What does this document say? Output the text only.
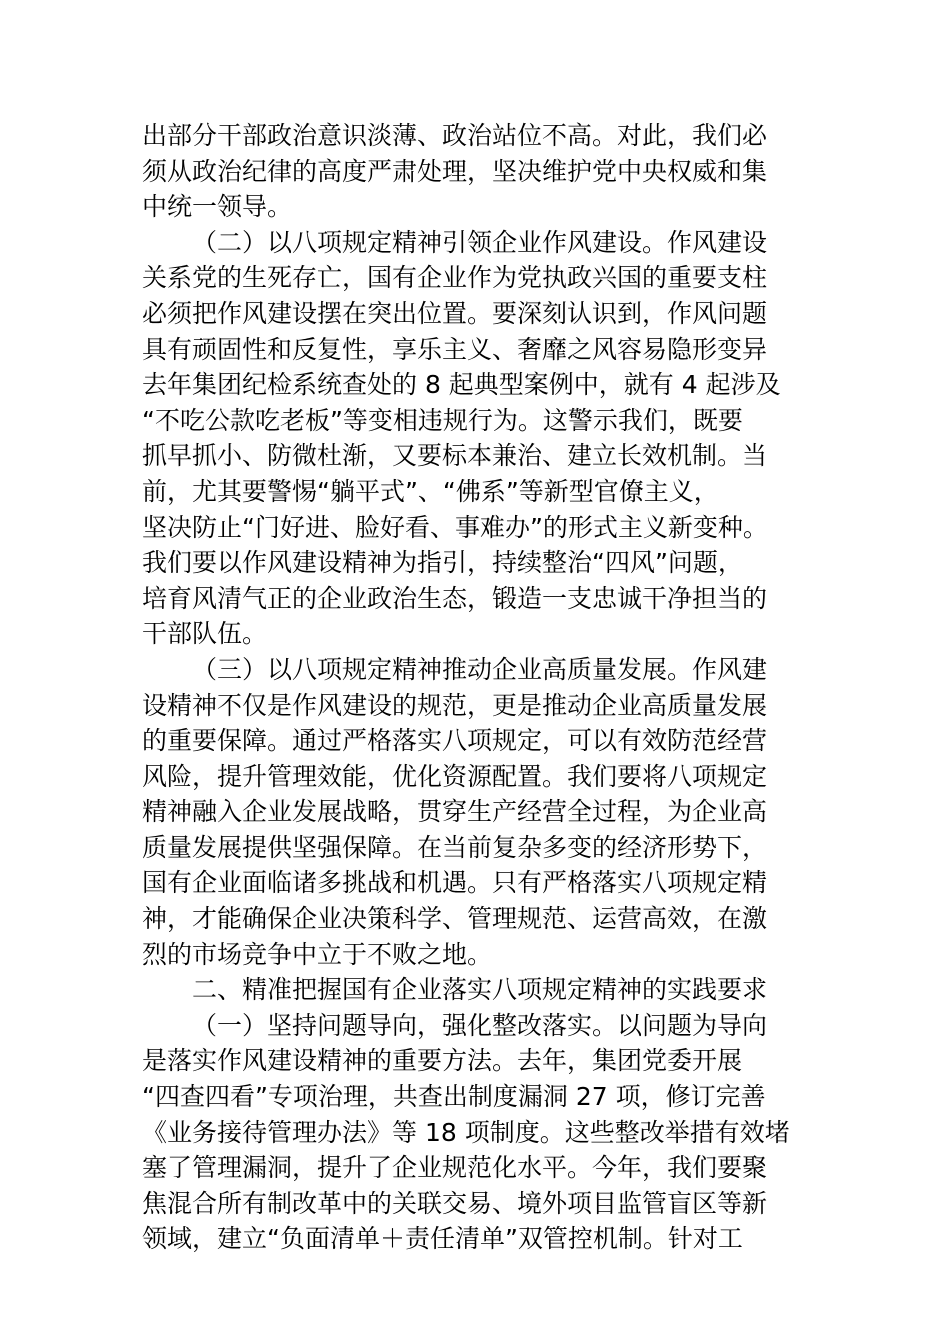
出部分干部政治意识淡薄、政治站位不高。对此，我们必
须从政治纪律的高度严肃处理，坚决维护党中央权威和集
中统一领导。
（二）以八项规定精神引领企业作风建设。作风建设
关系党的生死存亡，国有企业作为党执政兴国的重要支柱
必须把作风建设摆在突出位置。要深刻认识到，作风问题
具有顽固性和反复性，享乐主义、奢靡之风容易隐形变异
去年集团纪检系统查处的 8 起典型案例中，就有 4 起涉及
“不吃公款吃老板”等变相违规行为。这警示我们，既要
抓早抓小、防微杜渐，又要标本兼治、建立长效机制。当
前，尤其要警惕“躺平式”、“佛系”等新型官僚主义，
坚决防止“门好进、脸好看、事难办”的形式主义新变种。
我们要以作风建设精神为指引，持续整治“四风”问题，
培育风清气正的企业政治生态，锻造一支忠诚干净担当的
干部队伍。
（三）以八项规定精神推动企业高质量发展。作风建
设精神不仅是作风建设的规范，更是推动企业高质量发展
的重要保障。通过严格落实八项规定，可以有效防范经营
风险，提升管理效能，优化资源配置。我们要将八项规定
精神融入企业发展战略，贯穿生产经营全过程，为企业高
质量发展提供坚强保障。在当前复杂多变的经济形势下，
国有企业面临诸多挑战和机遇。只有严格落实八项规定精
神，才能确保企业决策科学、管理规范、运营高效，在激
烈的市场竞争中立于不败之地。
二、精准把握国有企业落实八项规定精神的实践要求
（一）坚持问题导向，强化整改落实。以问题为导向
是落实作风建设精神的重要方法。去年，集团党委开展
“四查四看”专项治理，共查出制度漏洞 27 项，修订完善
《业务接待管理办法》等 18 项制度。这些整改举措有效堵
塞了管理漏洞，提升了企业规范化水平。今年，我们要聚
焦混合所有制改革中的关联交易、境外项目监管盲区等新
领域，建立“负面清单＋责任清单”双管控机制。针对工
